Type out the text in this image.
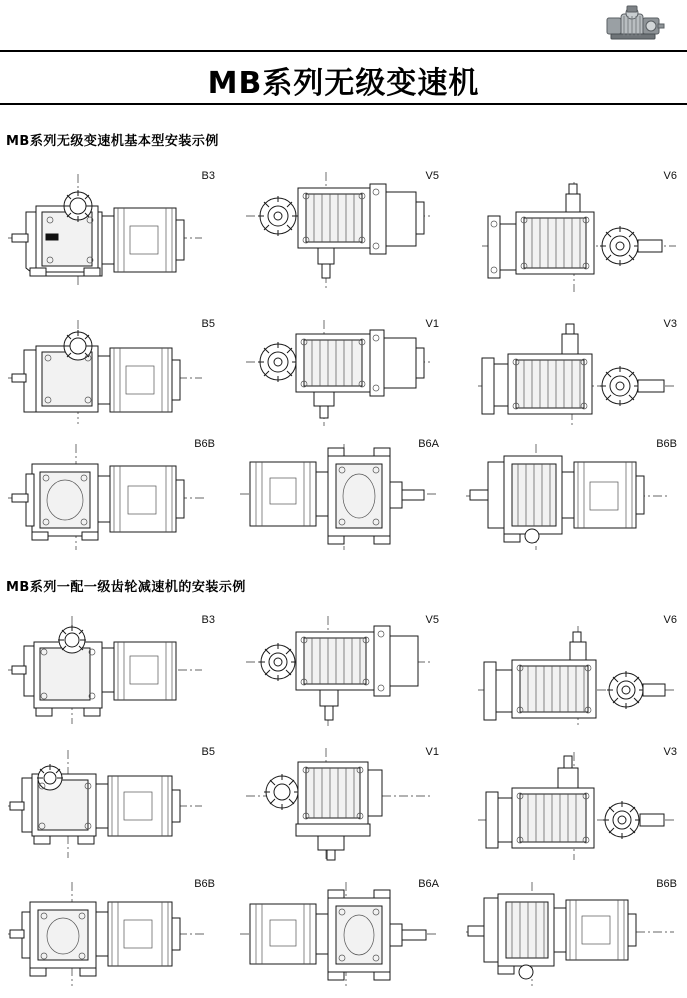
MB系列无级变速机
MB系列无级变速机基本型安装示例
B3	V5	V6
B5	V1	V3
B6B	B6A	B6B
MB系列一配一级齿轮减速机的安装示例
B3	V5	V6
B5	V1	V3
B6B	B6A	B6B
